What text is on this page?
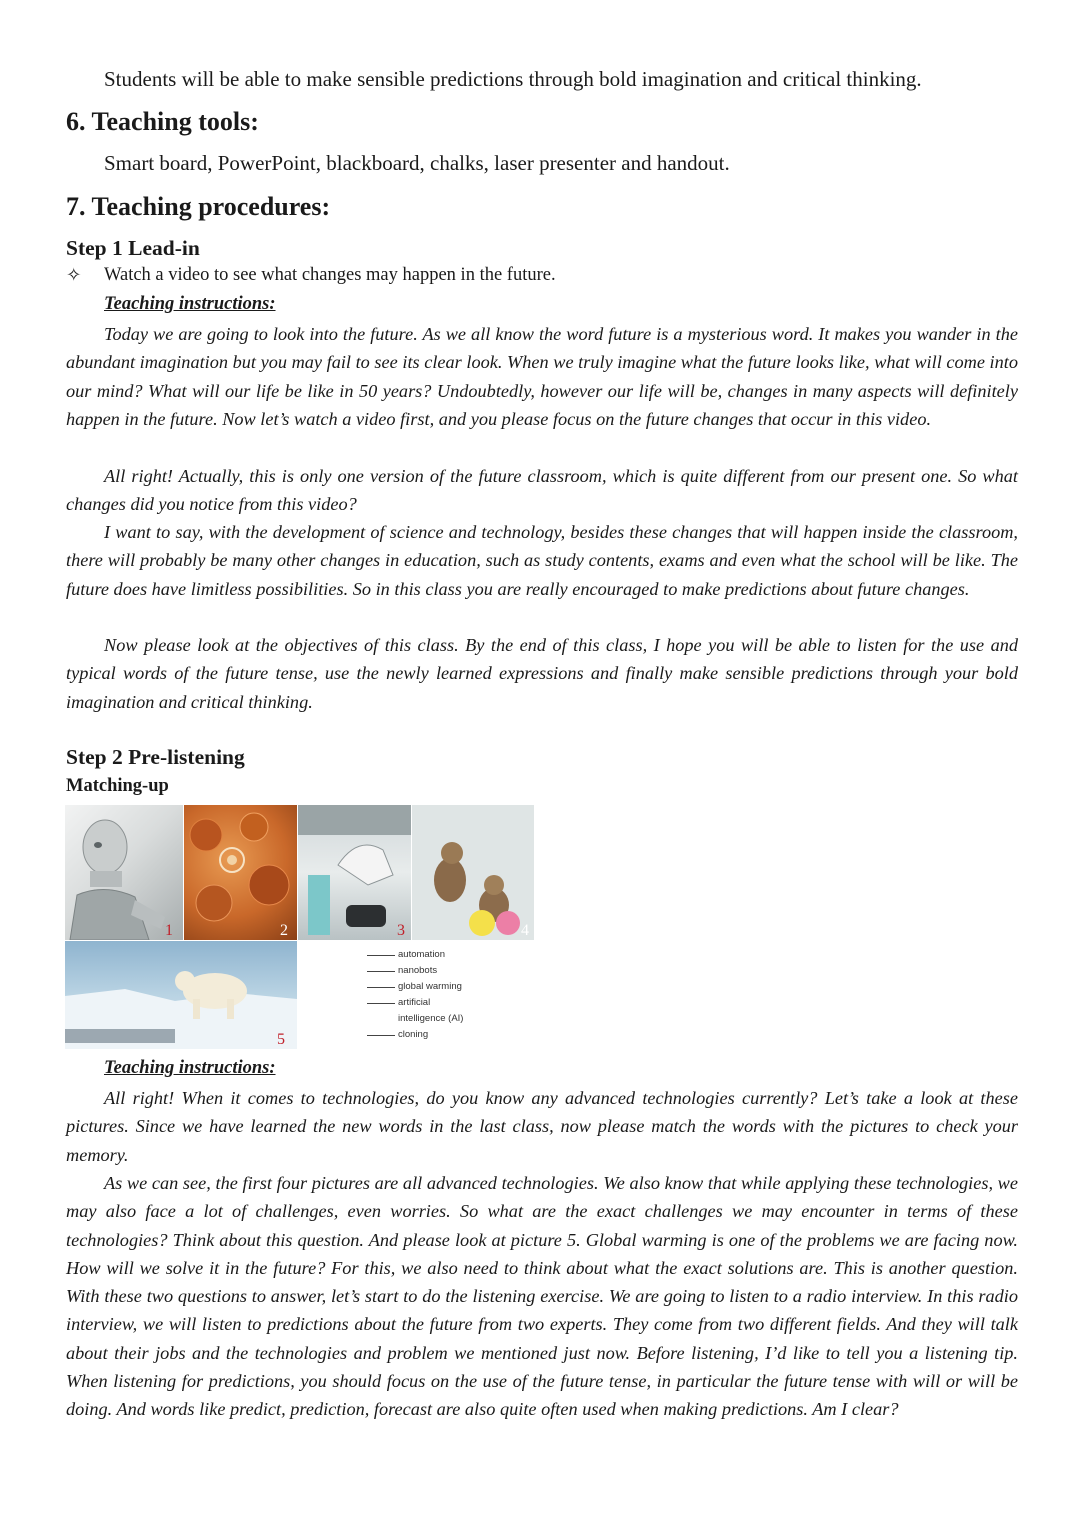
Students will be able to make sensible predictions through bold imagination and critical thinking.
6. Teaching tools:
Smart board, PowerPoint, blackboard, chalks, laser presenter and handout.
7. Teaching procedures:
Step 1 Lead-in
✧	Watch a video to see what changes may happen in the future.
Teaching instructions:

Today we are going to look into the future. As we all know the word future is a mysterious word. It makes you wander in the abundant imagination but you may fail to see its clear look. When we truly imagine what the future looks like, what will come into our mind? What will our life be like in 50 years? Undoubtedly, however our life will be, changes in many aspects will definitely happen in the future. Now let’s watch a video first, and you please focus on the future changes that occur in this video.

All right! Actually, this is only one version of the future classroom, which is quite different from our present one. So what changes did you notice from this video?

I want to say, with the development of science and technology, besides these changes that will happen inside the classroom, there will probably be many other changes in education, such as study contents, exams and even what the school will be like. The future does have limitless possibilities. So in this class you are really encouraged to make predictions about future changes.

Now please look at the objectives of this class. By the end of this class, I hope you will be able to listen for the use and typical words of the future tense, use the newly learned expressions and finally make sensible predictions through your bold imagination and critical thinking.

Step 2 Pre-listening
Matching-up
1	2	3	4
5
automation
nanobots
global warming
artificial
intelligence (AI)
cloning
Teaching instructions:

All right! When it comes to technologies, do you know any advanced technologies currently? Let’s take a look at these pictures. Since we have learned the new words in the last class, now please match the words with the pictures to check your memory.

As we can see, the first four pictures are all advanced technologies. We also know that while applying these technologies, we may also face a lot of challenges, even worries. So what are the exact challenges we may encounter in terms of these technologies? Think about this question. And please look at picture 5. Global warming is one of the problems we are facing now. How will we solve it in the future? For this, we also need to think about what the exact solutions are. This is another question. With these two questions to answer, let’s start to do the listening exercise. We are going to listen to a radio interview. In this radio interview, we will listen to predictions about the future from two experts. They come from two different fields. And they will talk about their jobs and the technologies and problem we mentioned just now. Before listening, I’d like to tell you a listening tip. When listening for predictions, you should focus on the use of the future tense, in particular the future tense with will or will be doing. And words like predict, prediction, forecast are also quite often used when making predictions. Am I clear?
